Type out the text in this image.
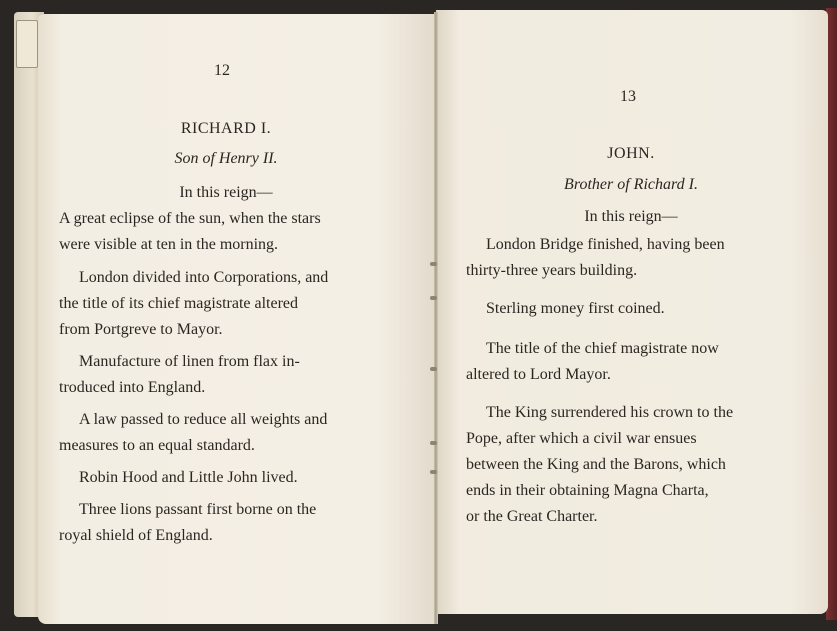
12
RICHARD I.
Son of Henry II.
In this reign—
A great eclipse of the sun, when the stars
were visible at ten in the morning.
London divided into Corporations, and
the title of its chief magistrate altered
from Portgreve to Mayor.
Manufacture of linen from flax in-
troduced into England.
A law passed to reduce all weights and
measures to an equal standard.
Robin Hood and Little John lived.
Three lions passant first borne on the
royal shield of England.
13
JOHN.
Brother of Richard I.
In this reign—
London Bridge finished, having been
thirty-three years building.
Sterling money first coined.
The title of the chief magistrate now
altered to Lord Mayor.
The King surrendered his crown to the
Pope, after which a civil war ensues
between the King and the Barons, which
ends in their obtaining Magna Charta,
or the Great Charter.
